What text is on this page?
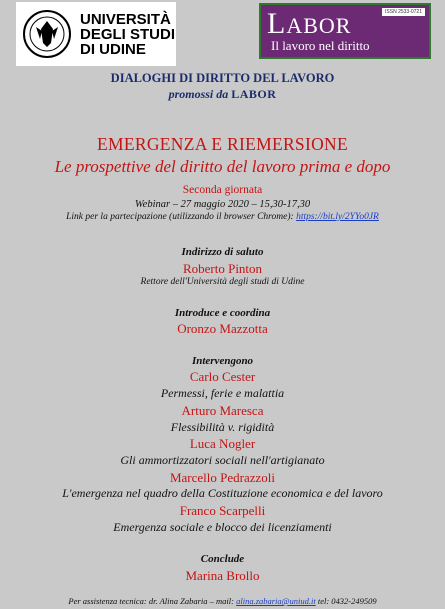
UNIVERSITÀ
DEGLI STUDI
DI UDINE
LABOR
ISSN 2533-0721
Il lavoro nel diritto
DIALOGHI DI DIRITTO DEL LAVORO
promossi da LABOR
EMERGENZA E RIEMERSIONE
Le prospettive del diritto del lavoro prima e dopo
Seconda giornata
Webinar – 27 maggio 2020 – 15,30-17,30
Link per la partecipazione (utilizzando il browser Chrome): https://bit.ly/2YYo0JR
Indirizzo di saluto
Roberto Pinton
Rettore dell'Università degli studi di Udine
Introduce e coordina
Oronzo Mazzotta
Intervengono
Carlo Cester
Permessi, ferie e malattia
Arturo Maresca
Flessibilità v. rigidità
Luca Nogler
Gli ammortizzatori sociali nell'artigianato
Marcello Pedrazzoli
L'emergenza nel quadro della Costituzione economica e del lavoro
Franco Scarpelli
Emergenza sociale e blocco dei licenziamenti
Conclude
Marina Brollo
Per assistenza tecnica: dr. Alina Zabaria – mail: alina.zabaria@uniud.it tel: 0432-249509
